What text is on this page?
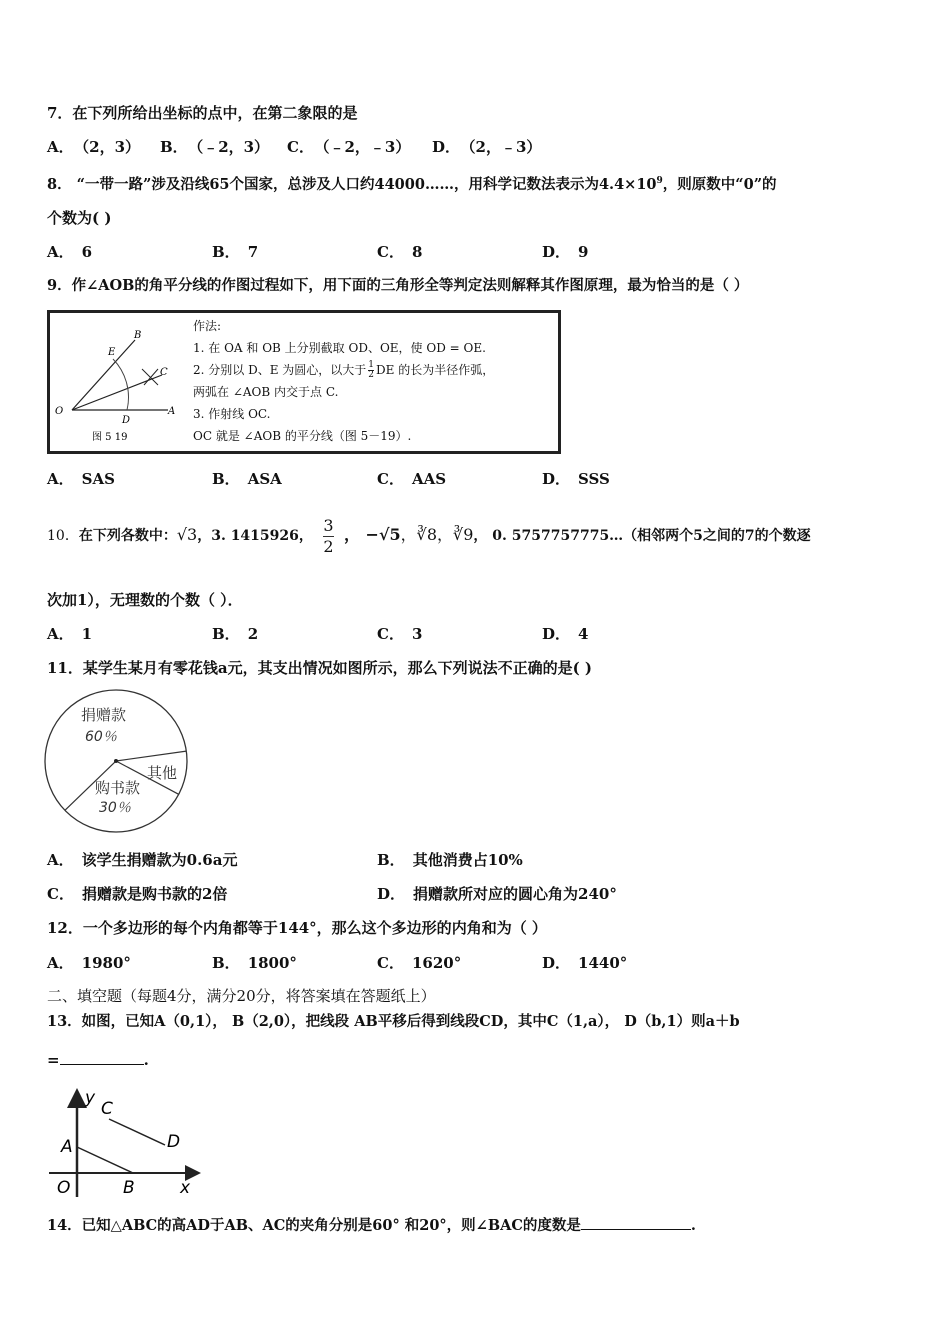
7．在下列所给出坐标的点中，在第二象限的是
A． （2，3） B． （﹣2，3） C． （﹣2，﹣3） D． （2，﹣3）
8． “一带一路”涉及沿线65个国家，总涉及人口约44000……，用科学记数法表示为$4.4\times 10^9$，则原数中“0”的
个数为( )
A． 6	B． 7	C． 8	D． 9
9．作∠AOB的角平分线的作图过程如下，用下面的三角形全等判定法则解释其作图原理，最为恰当的是（ ）
B
E
C
O
D
A
图 5 19
作法:
1. 在 OA 和 OB 上分别截取 OD、OE，使 OD = OE.
2. 分别以 D、E 为圆心，以大于 $\frac{1}{2}$ DE 的长为半径作弧，
两弧在 ∠AOB 内交于点 C.
3. 作射线 OC.
OC 就是 ∠AOB 的平分线（图 5－19）.
A． SAS	B． ASA	C． AAS	D． SSS
10．在下列各数中：√3，3. 1415926， $\frac{3}{2}$ ， −√5，∛8，∛9， 0. 5757757775…（相邻两个5之间的7的个数逐
次加1），无理数的个数（ ）．
A． 1	B． 2	C． 3	D． 4
11．某学生某月有零花钱a元，其支出情况如图所示，那么下列说法不正确的是( )
捐赠款
60％
购书款
30％
其他
A． 该学生捐赠款为0.6a元	B． 其他消费占10%
C． 捐赠款是购书款的2倍	D． 捐赠款所对应的圆心角为240°
12．一个多边形的每个内角都等于144°，那么这个多边形的内角和为（ ）
A． 1980°	B． 1800°	C． 1620°	D． 1440°
二、填空题（每题4分，满分20分，将答案填在答题纸上）
13．如图，已知A（0,1）， B（2,0），把线段 AB平移后得到线段CD，其中C（1,a）， D（b,1）则a＋b
=	.
y
x
O
A
B
C
D
14．已知△ABC的高AD于AB、AC的夹角分别是60° 和20°，则∠BAC的度数是	.
